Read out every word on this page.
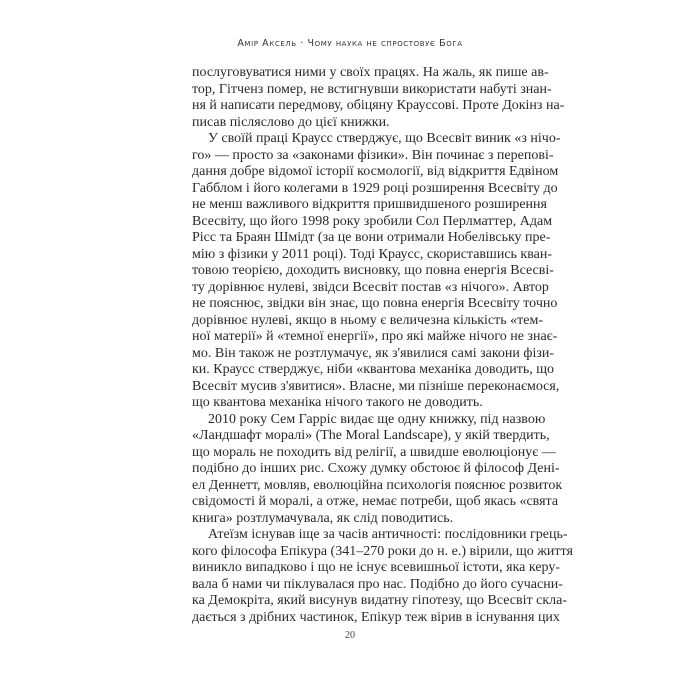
Амір Аксель · Чому наука не спростовує Бога
послуговуватися ними у своїх працях. На жаль, як пише ав-
тор, Гітченз помер, не встигнувши використати набуті знан-
ня й написати передмову, обіцяну Краусcові. Проте Докінз на-
писав післяслово до цієї книжки.
У своїй праці Краусс стверджує, що Всесвіт виник «з нічо-
го» — просто за «законами фізики». Він починає з перепові-
дання добре відомої історії космології, від відкриття Едвіном
Габблом і його колегами в 1929 році розширення Всесвіту до
не менш важливого відкриття пришвидшеного розширення
Всесвіту, що його 1998 року зробили Сол Перлматтер, Адам
Рісс та Браян Шмідт (за це вони отримали Нобелівську пре-
мію з фізики у 2011 році). Тоді Краусс, скориставшись кван-
товою теорією, доходить висновку, що повна енергія Всесві-
ту дорівнює нулеві, звідси Всесвіт постав «з нічого». Автор
не пояснює, звідки він знає, що повна енергія Всесвіту точно
дорівнює нулеві, якщо в ньому є величезна кількість «тем-
ної матерії» й «темної енергії», про які майже нічого не знає-
мо. Він також не розтлумачує, як з'явилися самі закони фізи-
ки. Краусс стверджує, ніби «квантова механіка доводить, що
Всесвіт мусив з'явитися». Власне, ми пізніше переконаємося,
що квантова механіка нічого такого не доводить.
2010 року Сем Гарріс видає ще одну книжку, під назвою
«Ландшафт моралі» (The Moral Landscape), у якій твердить,
що мораль не походить від релігії, а швидше еволюціонує —
подібно до інших рис. Схожу думку обстоює й філософ Дені-
ел Деннетт, мовляв, еволюційна психологія пояснює розвиток
свідомості й моралі, а отже, немає потреби, щоб якась «свята
книга» розтлумачувала, як слід поводитись.
Атеїзм існував іще за часів античності: послідовники грець-
кого філософа Епікура (341–270 роки до н. е.) вірили, що життя
виникло випадково і що не існує всевишньої істоти, яка керу-
вала б нами чи піклувалася про нас. Подібно до його сучасни-
ка Демокріта, який висунув видатну гіпотезу, що Всесвіт скла-
дається з дрібних частинок, Епікур теж вірив в існування цих
20
